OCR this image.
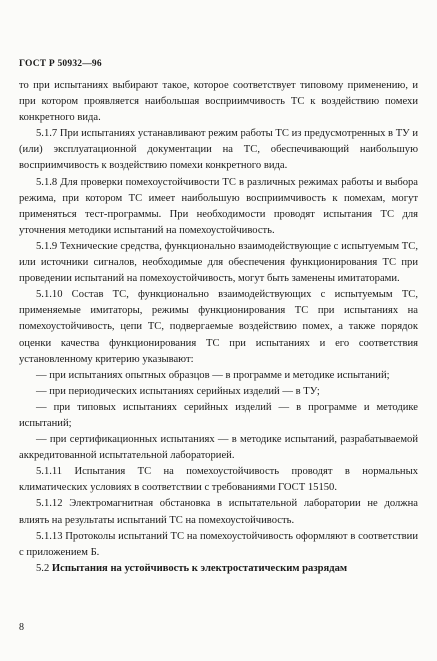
ГОСТ Р 50932—96

то при испытаниях выбирают такое, которое соответствует типовому применению, и при котором проявляется наибольшая восприимчивость ТС к воздействию помехи конкретного вида.

5.1.7 При испытаниях устанавливают режим работы ТС из предусмотренных в ТУ и (или) эксплуатационной документации на ТС, обеспечивающий наибольшую восприимчивость к воздействию помехи конкретного вида.

5.1.8 Для проверки помехоустойчивости ТС в различных режимах работы и выбора режима, при котором ТС имеет наибольшую восприимчивость к помехам, могут применяться тест-программы. При необходимости проводят испытания ТС для уточнения методики испытаний на помехоустойчивость.

5.1.9 Технические средства, функционально взаимодействующие с испытуемым ТС, или источники сигналов, необходимые для обеспечения функционирования ТС при проведении испытаний на помехоустойчивость, могут быть заменены имитаторами.

5.1.10 Состав ТС, функционально взаимодействующих с испытуемым ТС, применяемые имитаторы, режимы функционирования ТС при испытаниях на помехоустойчивость, цепи ТС, подвергаемые воздействию помех, а также порядок оценки качества функционирования ТС при испытаниях и его соответствия установленному критерию указывают:

— при испытаниях опытных образцов — в программе и методике испытаний;

— при периодических испытаниях серийных изделий — в ТУ;

— при типовых испытаниях серийных изделий — в программе и методике испытаний;

— при сертификационных испытаниях — в методике испытаний, разрабатываемой аккредитованной испытательной лабораторией.

5.1.11 Испытания ТС на помехоустойчивость проводят в нормальных климатических условиях в соответствии с требованиями ГОСТ 15150.

5.1.12 Электромагнитная обстановка в испытательной лаборатории не должна влиять на результаты испытаний ТС на помехоустойчивость.

5.1.13 Протоколы испытаний ТС на помехоустойчивость оформляют в соответствии с приложением Б.

5.2 Испытания на устойчивость к электростатическим разрядам

8
